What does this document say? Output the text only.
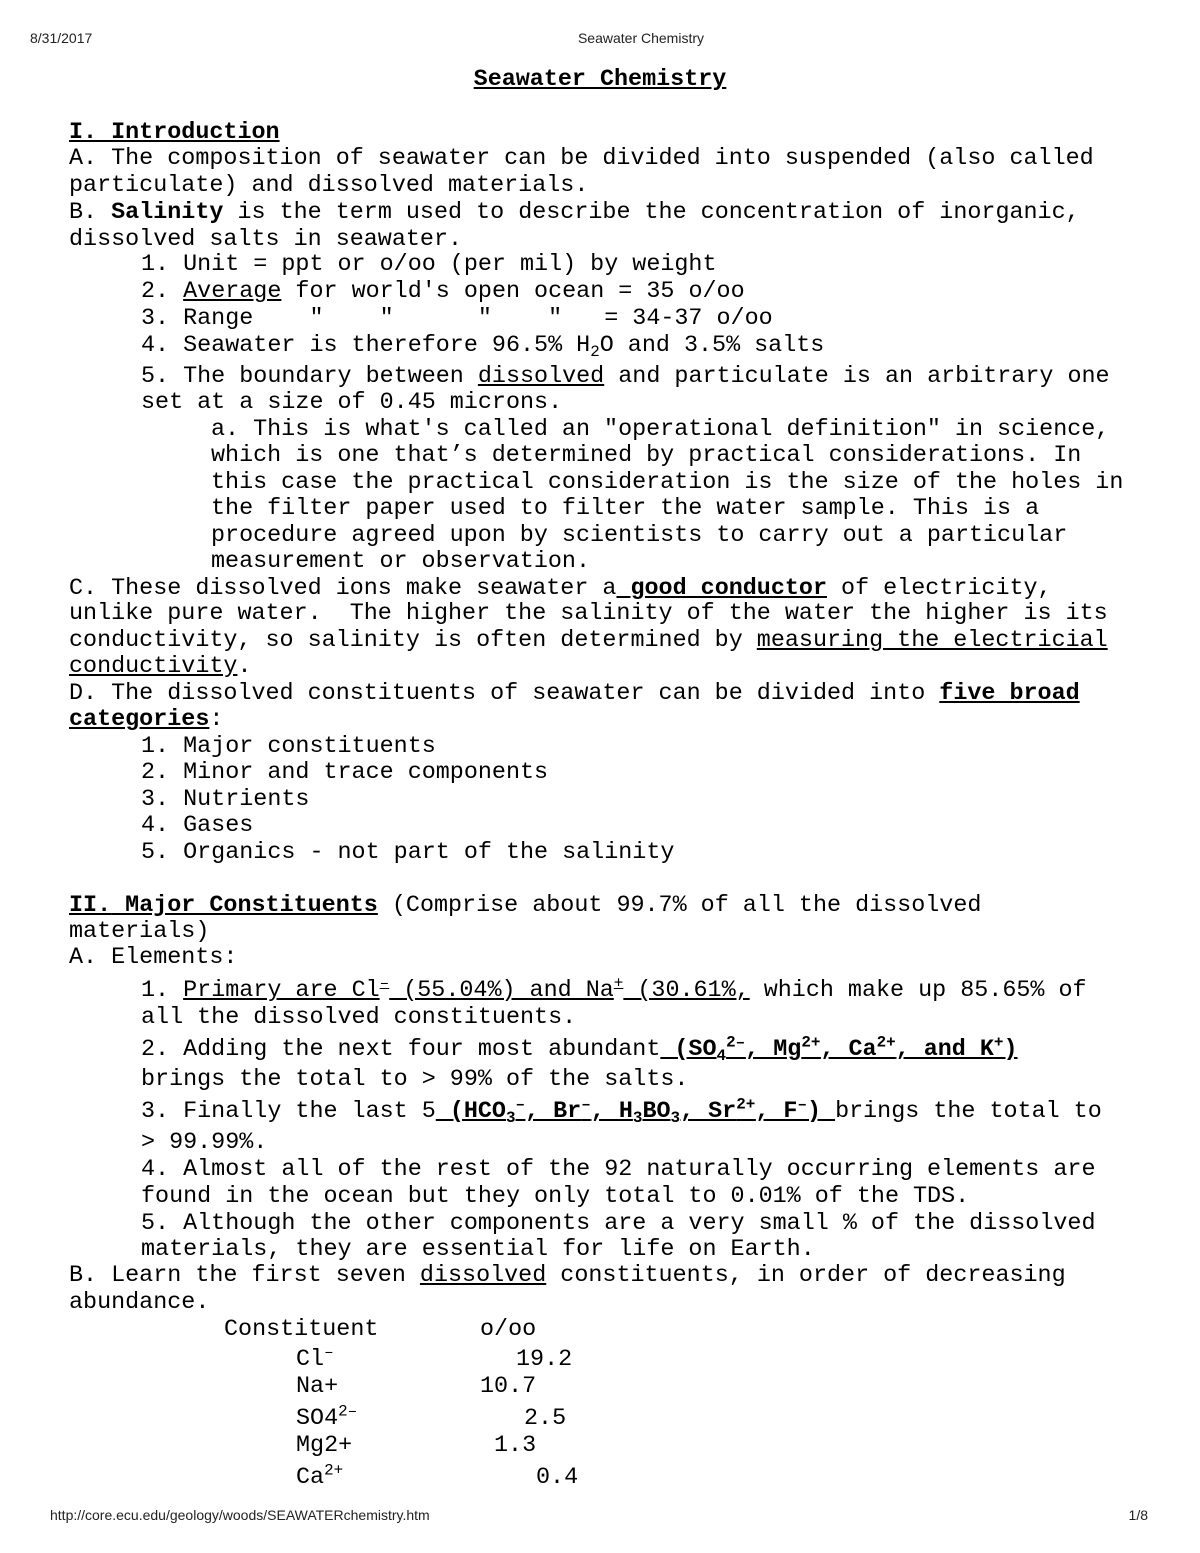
8/31/2017	Seawater Chemistry
Seawater Chemistry
I. Introduction
A. The composition of seawater can be divided into suspended (also called
particulate) and dissolved materials.
B. Salinity is the term used to describe the concentration of inorganic,
dissolved salts in seawater.
1. Unit = ppt or o/oo (per mil) by weight
2. Average for world's open ocean = 35 o/oo
3. Range    "    "      "    "   = 34-37 o/oo
4. Seawater is therefore 96.5% $H_2O$ and 3.5% salts
5. The boundary between dissolved and particulate is an arbitrary one
set at a size of 0.45 microns.
a. This is what's called an "operational definition" in science,
which is one that’s determined by practical considerations. In
this case the practical consideration is the size of the holes in
the filter paper used to filter the water sample. This is a
procedure agreed upon by scientists to carry out a particular
measurement or observation.
C. These dissolved ions make seawater a good conductor of electricity,
unlike pure water.  The higher the salinity of the water the higher is its
conductivity, so salinity is often determined by measuring the electricial
conductivity.
D. The dissolved constituents of seawater can be divided into five broad
categories:
1. Major constituents
2. Minor and trace components
3. Nutrients
4. Gases
5. Organics - not part of the salinity
II. Major Constituents (Comprise about 99.7% of all the dissolved
materials)
A. Elements:
1. Primary are Cl– (55.04%) and Na+ (30.61%, which make up 85.65% of
all the dissolved constituents.
2. Adding the next four most abundant ($SO_4^{2-}$, $Mg^{2+}$, $Ca^{2+}$, and K+)
brings the total to > 99% of the salts.
3. Finally the last 5 ($HCO_3^-$, Br–, $H_3BO_3$, $Sr^{2+}$, F–) brings the total to
> 99.99%.
4. Almost all of the rest of the 92 naturally occurring elements are
found in the ocean but they only total to 0.01% of the TDS.
5. Although the other components are a very small % of the dissolved
materials, they are essential for life on Earth.
B. Learn the first seven dissolved constituents, in order of decreasing
abundance.
Constituent	o/oo
Cl–	19.2
Na+	10.7
$SO4^{2-}$	2.5
Mg2+	1.3
$Ca^{2+}$	0.4
http://core.ecu.edu/geology/woods/SEAWATERchemistry.htm	1/8
